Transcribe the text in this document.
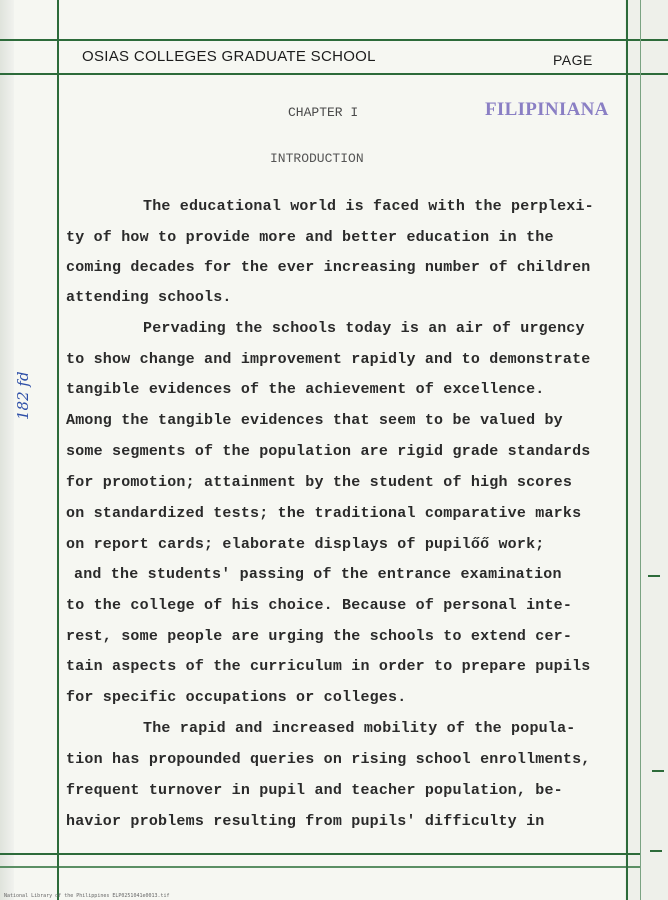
OSIAS COLLEGES GRADUATE SCHOOL	PAGE
CHAPTER I	FILIPINIANA
INTRODUCTION
182 fd
The educational world is faced with the perplexi-
ty of how to provide more and better education in the
coming decades for the ever increasing number of children
attending schools.
Pervading the schools today is an air of urgency
to show change and improvement rapidly and to demonstrate
tangible evidences of the achievement of excellence.
Among the tangible evidences that seem to be valued by
some segments of the population are rigid grade standards
for promotion; attainment by the student of high scores
on standardized tests; the traditional comparative marks
on report cards; elaborate displays of pupilőő work;
and the students' passing of the entrance examination
to the college of his choice. Because of personal inte-
rest, some people are urging the schools to extend cer-
tain aspects of the curriculum in order to prepare pupils
for specific occupations or colleges.
The rapid and increased mobility of the popula-
tion has propounded queries on rising school enrollments,
frequent turnover in pupil and teacher population, be-
havior problems resulting from pupils' difficulty in
National Library of the Philippines ELP0251041e0013.tif
